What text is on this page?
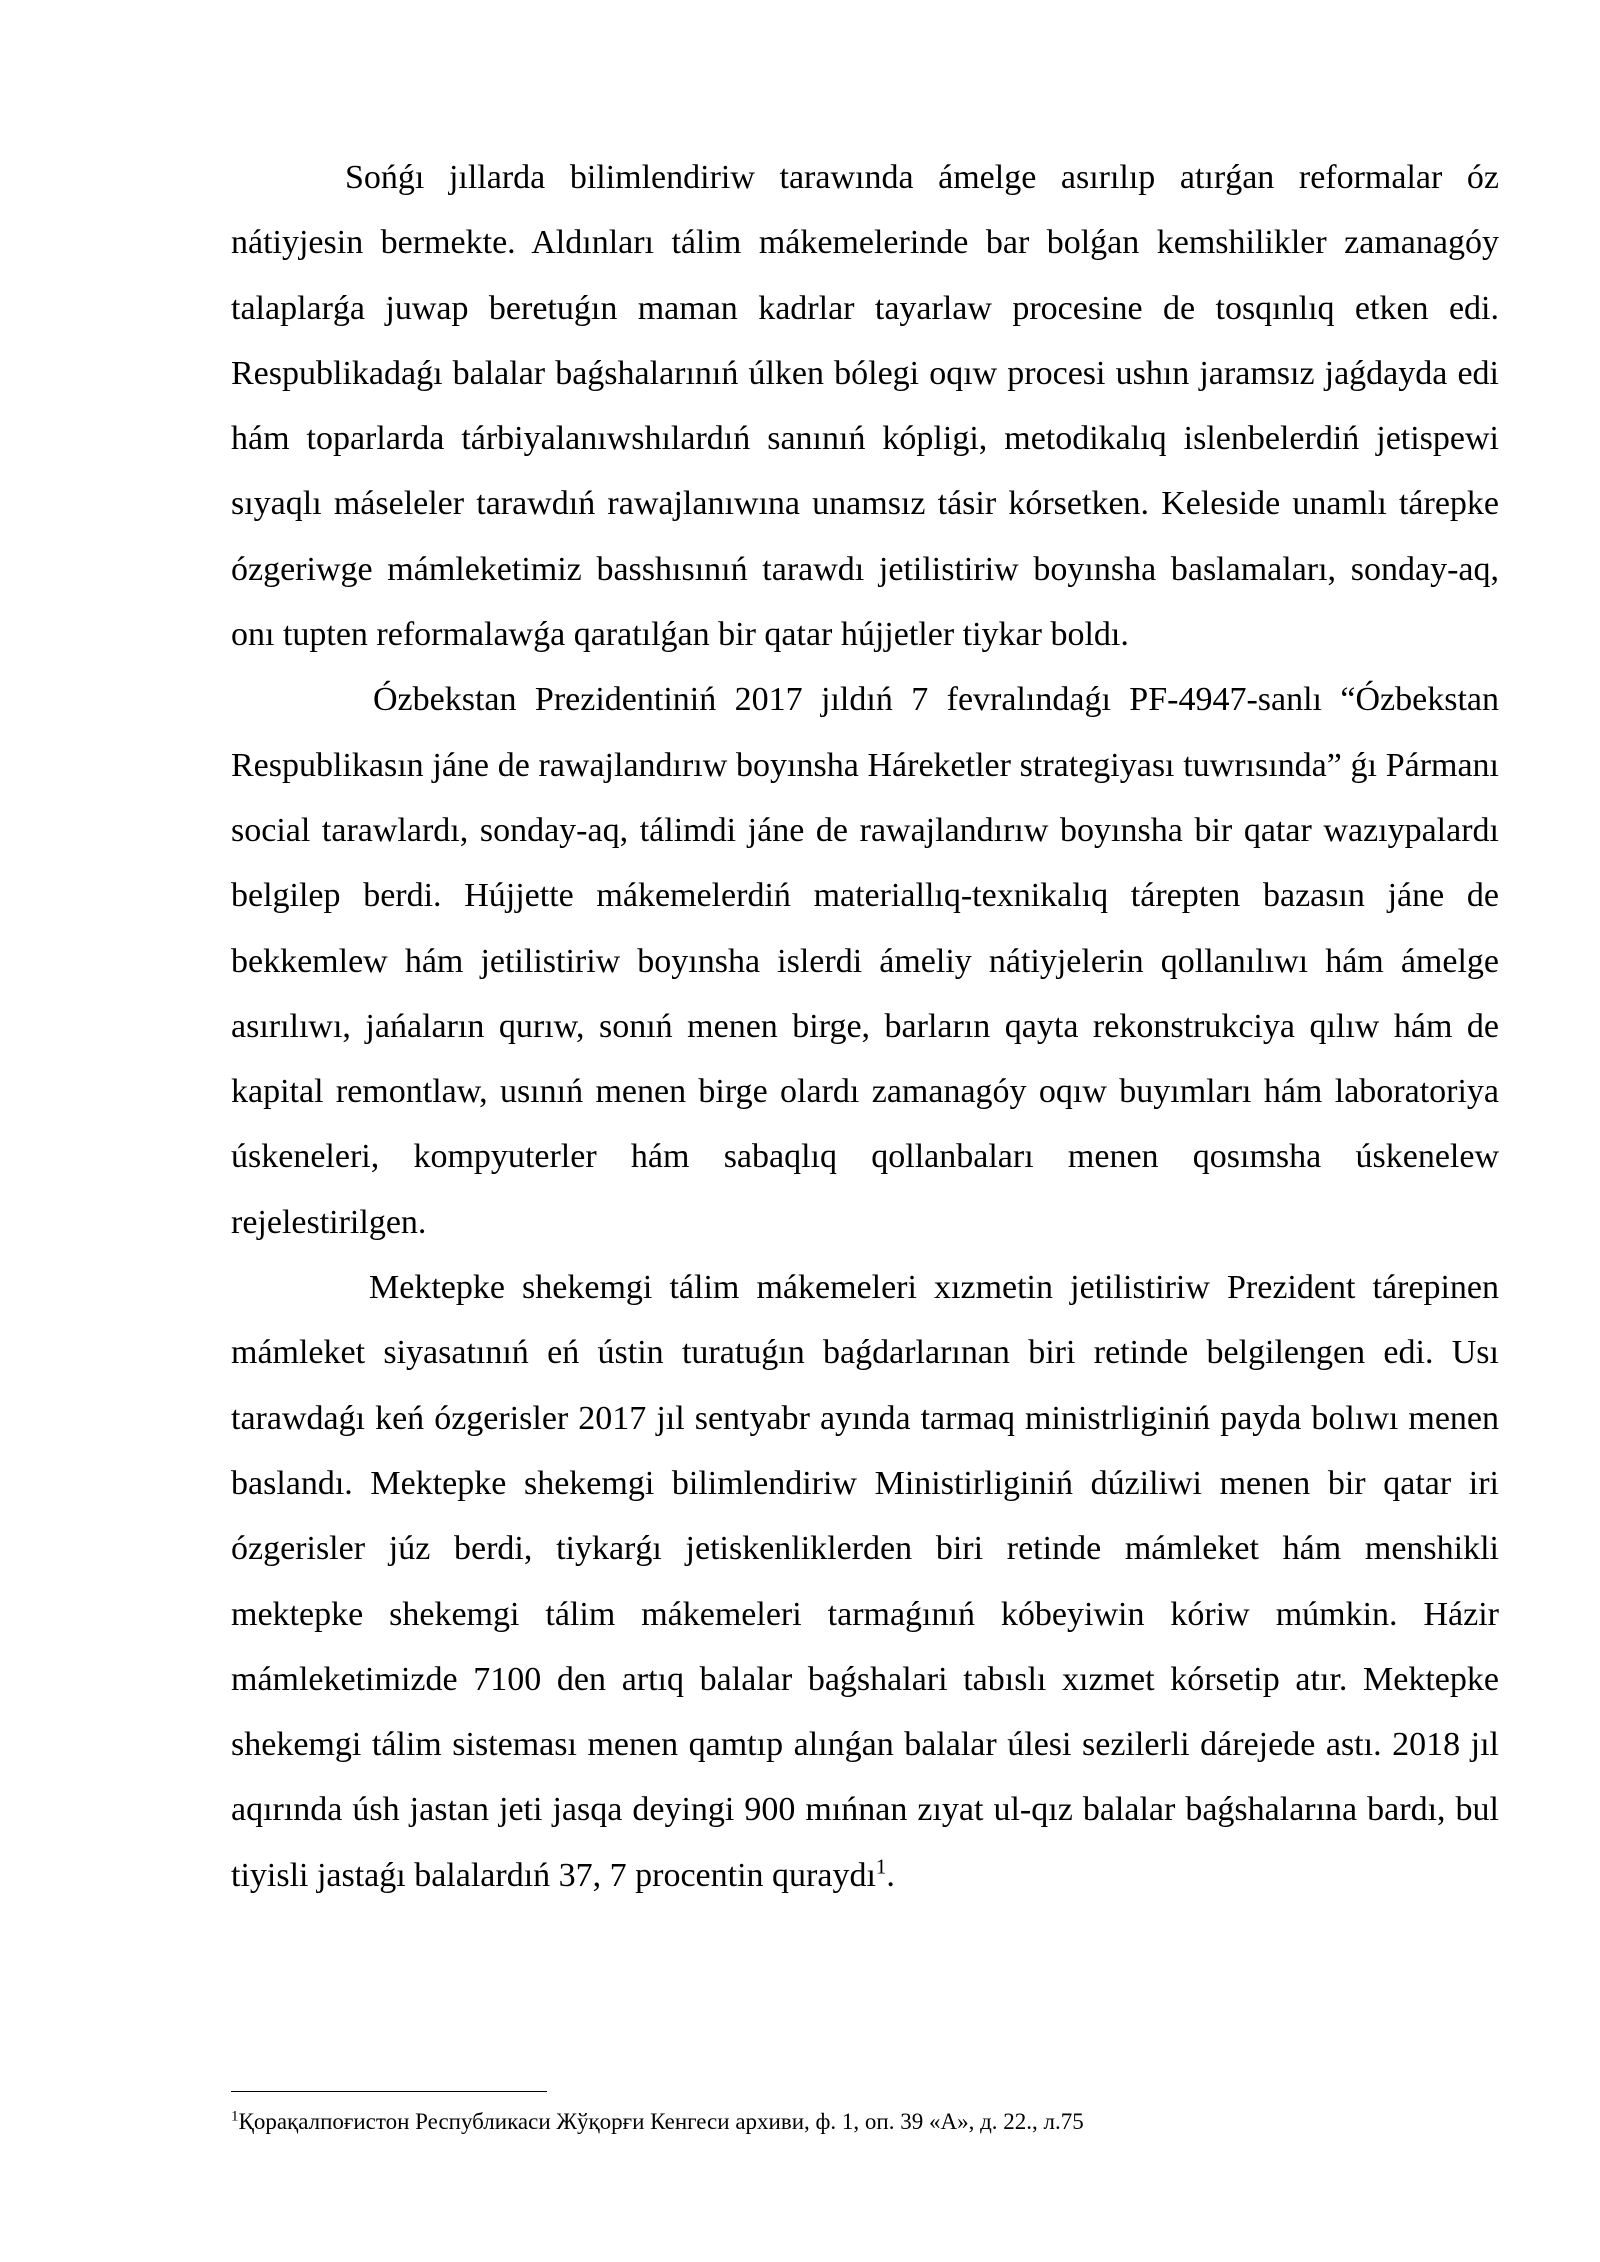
Sońǵı jıllarda bilimlendiriw tarawında ámelge asırılıp atırǵan reformalar óz nátiyjesin bermekte. Aldınları tálim mákemelerinde bar bolǵan kemshilikler zamanagóy talaplarǵa juwap beretuǵın maman kadrlar tayarlaw procesine de tosqınlıq etken edi. Respublikadaǵı balalar baǵshalarınıń úlken bólegi oqıw procesi ushın jaramsız jaǵdayda edi hám toparlarda tárbiyalanıwshılardıń sanınıń kópligi, metodikalıq islenbelerdiń jetispewi sıyaqlı máseleler tarawdıń rawajlanıwına unamsız tásir kórsetken. Keleside unamlı tárepke ózgeriwge mámleketimiz basshısınıń tarawdı jetilistiriw boyınsha baslamaları, sonday-aq, onı tupten reformalawǵa qaratılǵan bir qatar hújjetler tiykar boldı.

Ózbekstan Prezidentiniń 2017 jıldıń 7 fevralındaǵı PF-4947-sanlı “Ózbekstan Respublikasın jáne de rawajlandırıw boyınsha Háreketler strategiyası tuwrısında” ǵı Pármanı social tarawlardı, sonday-aq, tálimdi jáne de rawajlandırıw boyınsha bir qatar wazıypalardı belgilep berdi. Hújjette mákemelerdiń materiallıq-texnikalıq tárepten bazasın jáne de bekkemlew hám jetilistiriw boyınsha islerdi ámeliy nátiyjelerin qollanılıwı hám ámelge asırılıwı, jańaların qurıw, sonıń menen birge, barların qayta rekonstrukciya qılıw hám de kapital remontlaw, usınıń menen birge olardı zamanagóy oqıw buyımları hám laboratoriya úskeneleri, kompyuterler hám sabaqlıq qollanbaları menen qosımsha úskenelew rejelestirilgen.

Mektepke shekemgi tálim mákemeleri xızmetin jetilistiriw Prezident tárepinen mámleket siyasatınıń eń ústin turatuǵın baǵdarlarınan biri retinde belgilengen edi. Usı tarawdaǵı keń ózgerisler 2017 jıl sentyabr ayında tarmaq ministrliginiń payda bolıwı menen baslandı. Mektepke shekemgi bilimlendiriw Ministirliginiń dúziliwi menen bir qatar iri ózgerisler júz berdi, tiykarǵı jetiskenliklerden biri retinde mámleket hám menshikli mektepke shekemgi tálim mákemeleri tarmaǵınıń kóbeyiwin kóriw múmkin. Házir mámleketimizde 7100 den artıq balalar baǵshalari tabıslı xızmet kórsetip atır. Mektepke shekemgi tálim sisteması menen qamtıp alınǵan balalar úlesi sezilerli dárejede astı. 2018 jıl aqırında úsh jastan jeti jasqa deyingi 900 mıńnan zıyat ul-qız balalar baǵshalarına bardı, bul tiyisli jastaǵı balalardıń 37, 7 procentin quraydı$^1$.

$^1$Қорақалпоғистон Республикаси Жўқорғи Кенгеси архиви, ф. 1, оп. 39 «А», д. 22., л.75
